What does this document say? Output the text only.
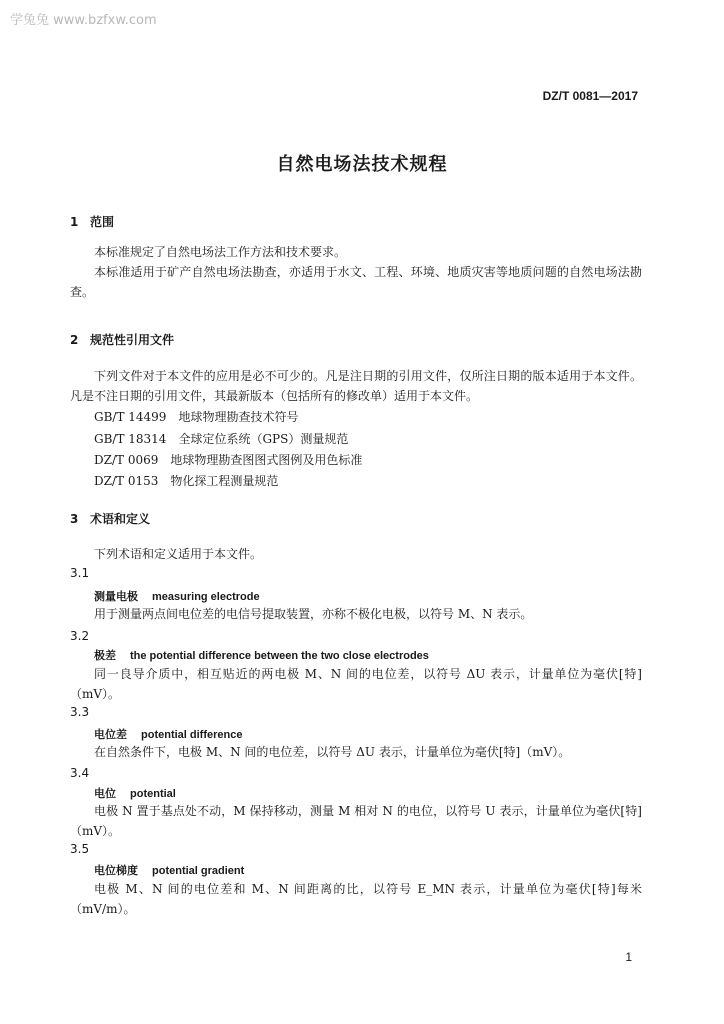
学兔兔 www.bzfxw.com
DZ/T 0081—2017
自然电场法技术规程
1 范围
本标准规定了自然电场法工作方法和技术要求。
本标准适用于矿产自然电场法勘查，亦适用于水文、工程、环境、地质灾害等地质问题的自然电场法勘查。
2 规范性引用文件
下列文件对于本文件的应用是必不可少的。凡是注日期的引用文件，仅所注日期的版本适用于本文件。凡是不注日期的引用文件，其最新版本（包括所有的修改单）适用于本文件。
GB/T 14499　地球物理勘查技术符号
GB/T 18314　全球定位系统（GPS）测量规范
DZ/T 0069　地球物理勘查图图式图例及用色标准
DZ/T 0153　物化探工程测量规范
3 术语和定义
下列术语和定义适用于本文件。
3.1
测量电极 measuring electrode
用于测量两点间电位差的电信号提取装置，亦称不极化电极，以符号 M、N 表示。
3.2
极差 the potential difference between the two close electrodes
同一良导介质中，相互贴近的两电极 M、N 间的电位差，以符号 ΔU 表示，计量单位为毫伏[特]（mV）。
3.3
电位差 potential difference
在自然条件下，电极 M、N 间的电位差，以符号 ΔU 表示，计量单位为毫伏[特]（mV）。
3.4
电位 potential
电极 N 置于基点处不动，M 保持移动，测量 M 相对 N 的电位，以符号 U 表示，计量单位为毫伏[特]（mV）。
3.5
电位梯度 potential gradient
电极 M、N 间的电位差和 M、N 间距离的比，以符号 E_MN 表示，计量单位为毫伏[特]每米（mV/m）。
1
